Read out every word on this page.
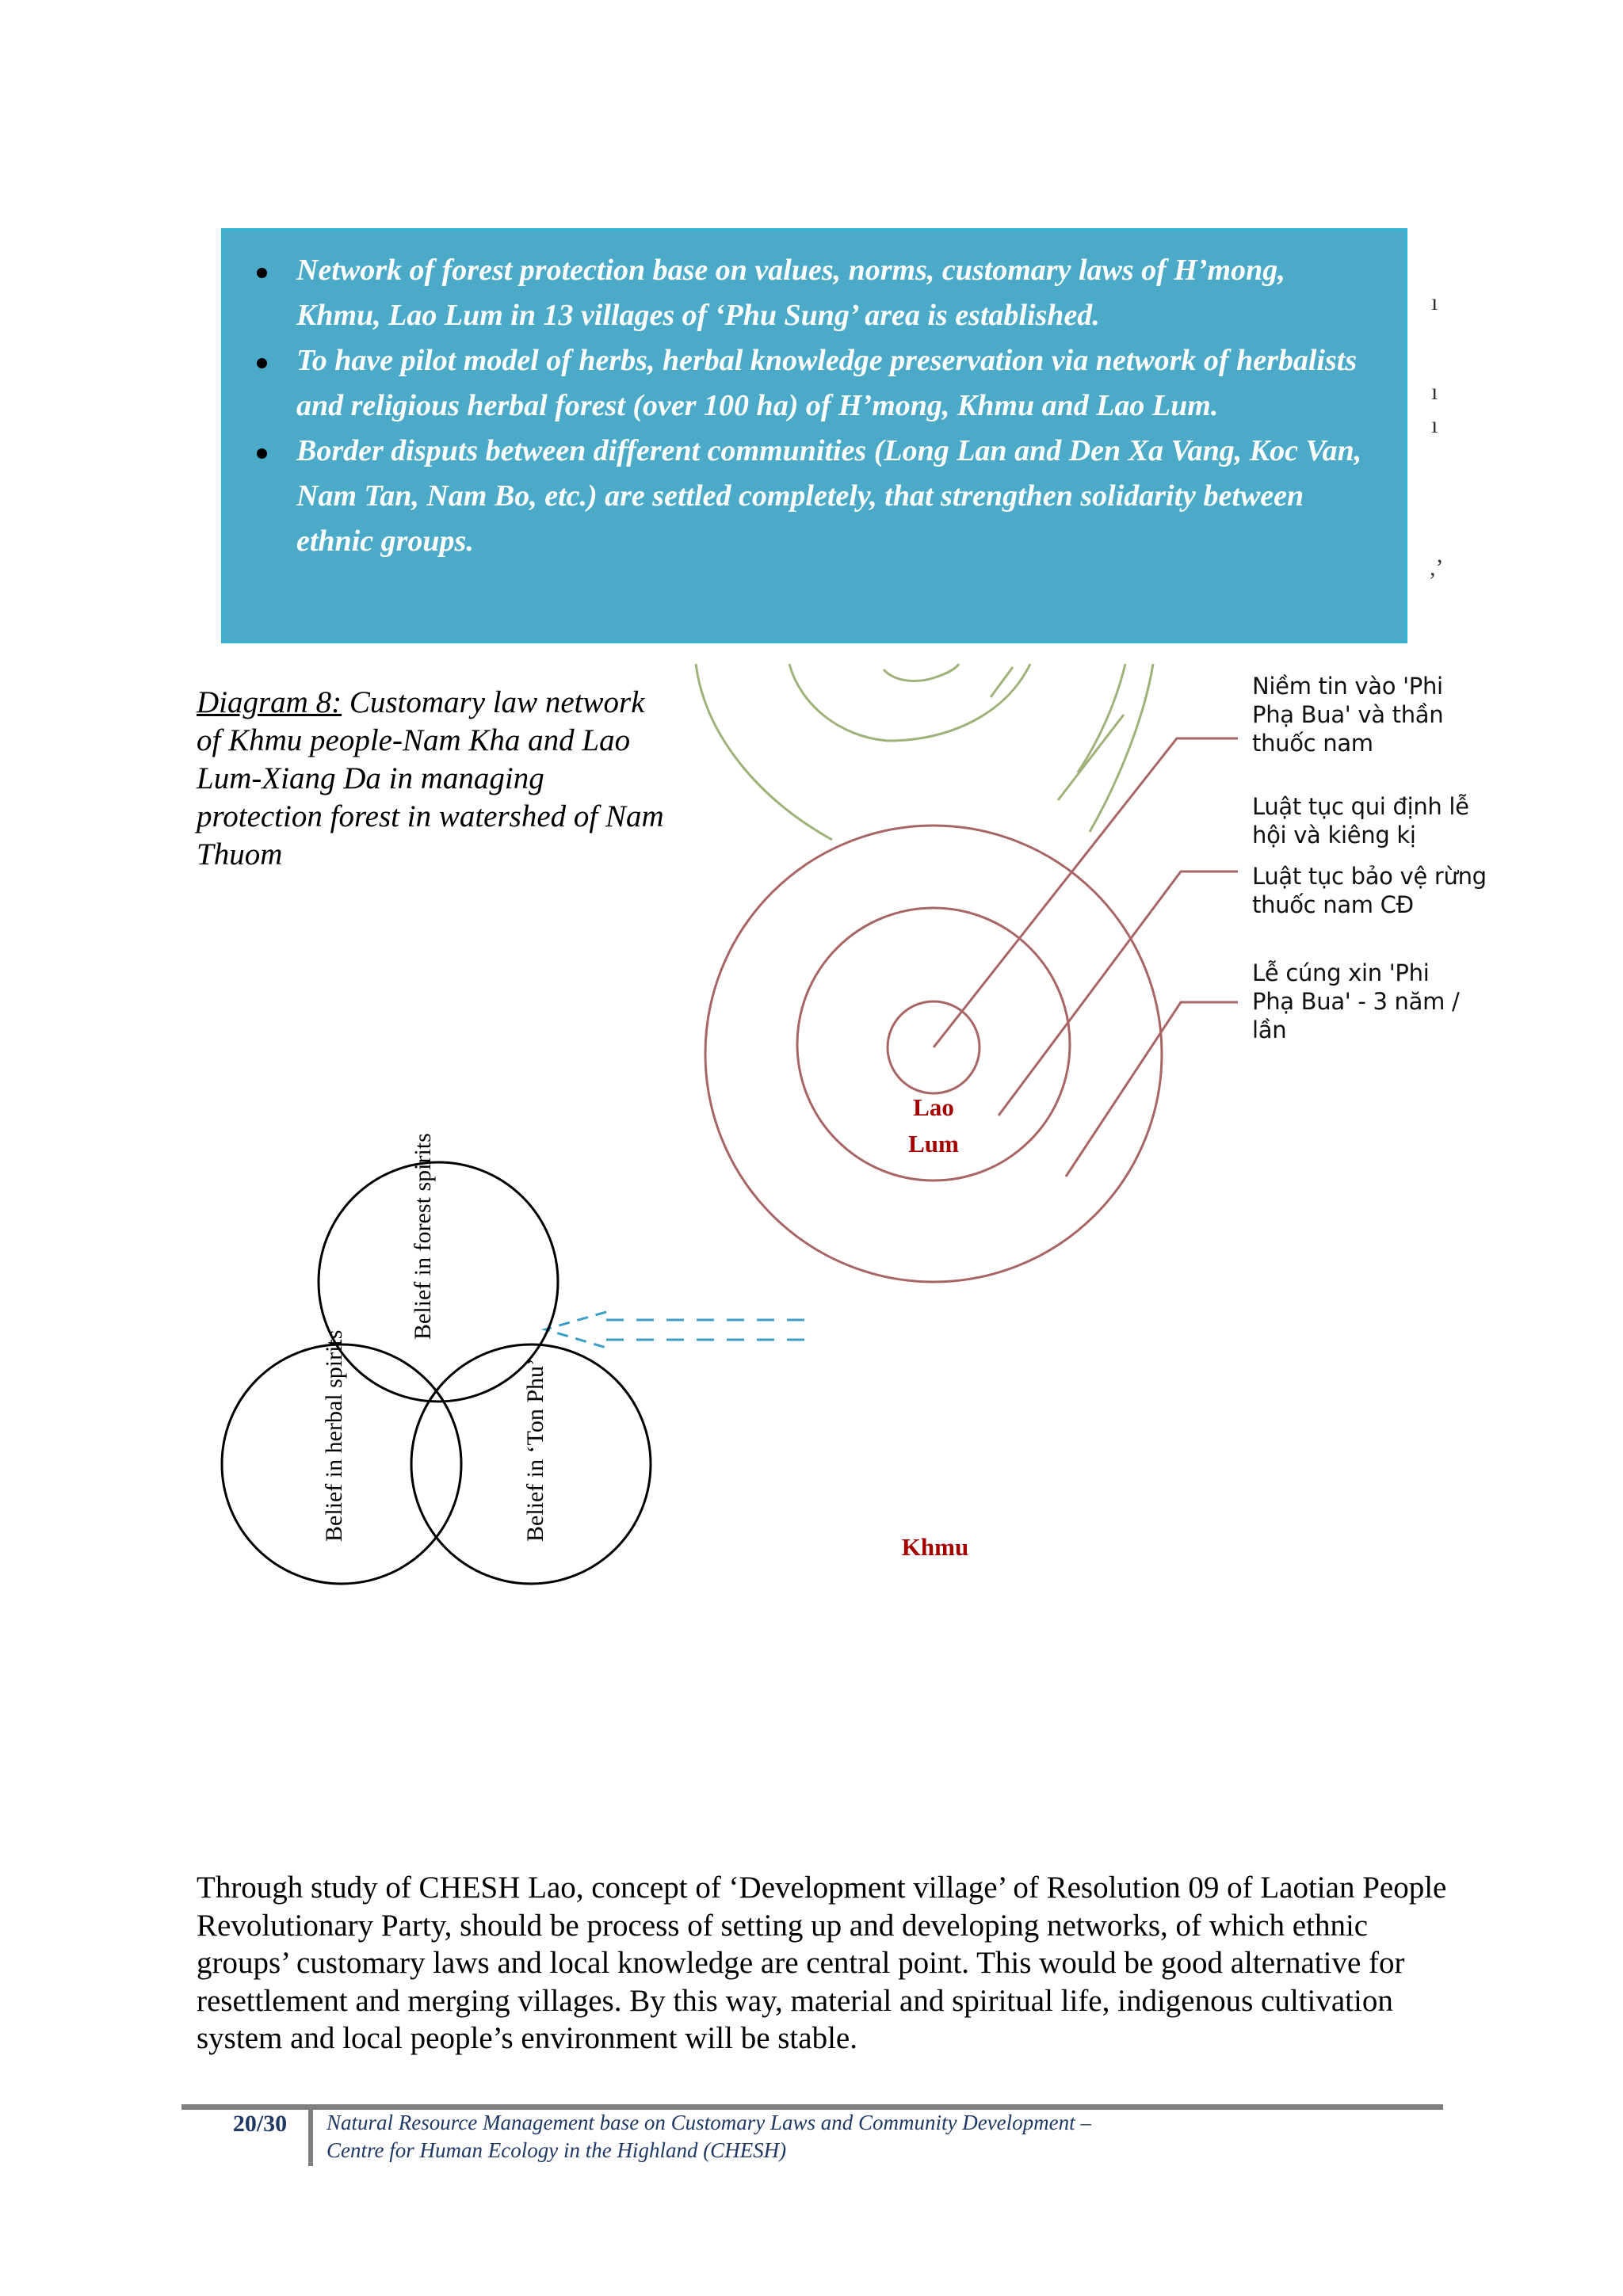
Network of forest protection base on values, norms, customary laws of H’mong, Khmu, Lao Lum in 13 villages of ‘Phu Sung’ area is established.
To have pilot model of herbs, herbal knowledge preservation via network of herbalists and religious herbal forest (over 100 ha) of H’mong, Khmu and Lao Lum.
Border disputs between different communities (Long Lan and Den Xa Vang, Koc Van, Nam Tan, Nam Bo, etc.) are settled completely, that strengthen solidarity between ethnic groups.
ı
ı
ı
,’
Diagram 8: Customary law network of Khmu people-Nam Kha and Lao Lum-Xiang Da in managing protection forest in watershed of Nam Thuom
Niềm tin vào 'Phi Phạ Bua' và thần thuốc nam
Luật tục qui định lễ hội và kiêng kị
Luật tục bảo vệ rừng thuốc nam CĐ
Lễ cúng xin 'Phi Phạ Bua' - 3 năm / lần
Lao Lum
Khmu
Belief in forest spirits
Belief in herbal spirits	Belief in ‘Ton Phu’

Through study of CHESH Lao, concept of ‘Development village’ of Resolution 09 of Laotian People Revolutionary Party, should be process of setting up and developing networks, of which ethnic groups’ customary laws and local knowledge are central point. This would be good alternative for resettlement and merging villages. By this way, material and spiritual life, indigenous cultivation system and local people’s environment will be stable.

20/30	Natural Resource Management base on Customary Laws and Community Development –
Centre for Human Ecology in the Highland (CHESH)
